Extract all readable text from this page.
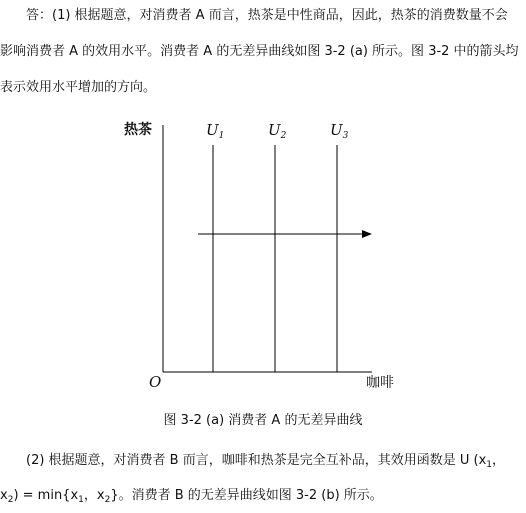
答：(1) 根据题意，对消费者 A 而言，热茶是中性商品，因此，热茶的消费数量不会

影响消费者 A 的效用水平。消费者 A 的无差异曲线如图 3-2 (a) 所示。图 3-2 中的箭头均

表示效用水平增加的方向。

热茶
咖啡
O
$U_1$	$U_2$	$U_3$
图 3-2 (a) 消费者 A 的无差异曲线

(2) 根据题意，对消费者 B 而言，咖啡和热茶是完全互补品，其效用函数是 U ($x_1$，

$x_2) = \min\{x_1$，$x_2$}。消费者 B 的无差异曲线如图 3-2 (b) 所示。
